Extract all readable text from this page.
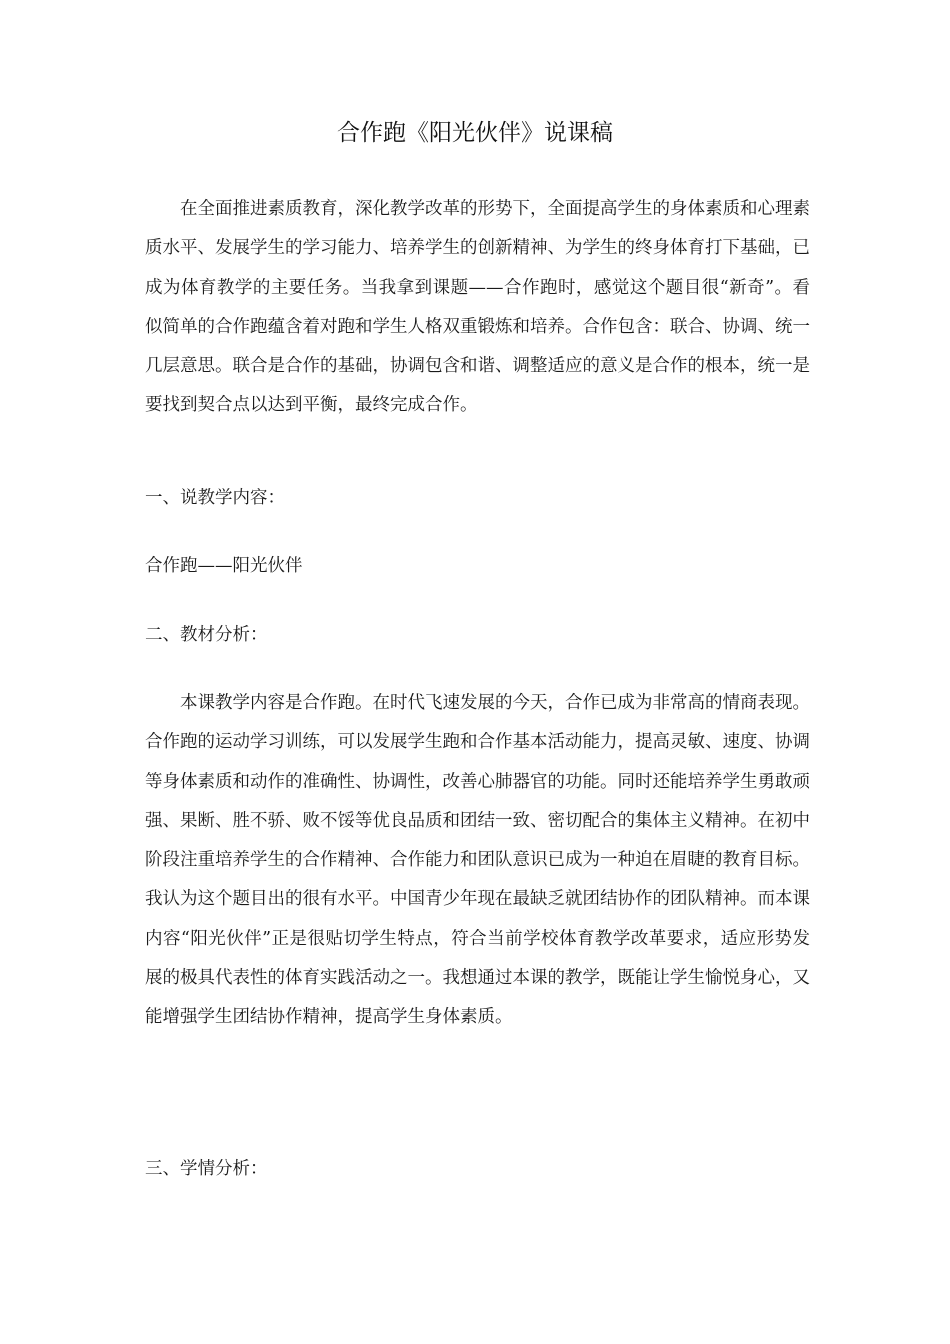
合作跑《阳光伙伴》说课稿

在全面推进素质教育，深化教学改革的形势下，全面提高学生的身体素质和心理素质水平、发展学生的学习能力、培养学生的创新精神、为学生的终身体育打下基础，已成为体育教学的主要任务。当我拿到课题——合作跑时，感觉这个题目很“新奇”。看似简单的合作跑蕴含着对跑和学生人格双重锻炼和培养。合作包含：联合、协调、统一几层意思。联合是合作的基础，协调包含和谐、调整适应的意义是合作的根本，统一是要找到契合点以达到平衡，最终完成合作。

一、说教学内容：

合作跑——阳光伙伴

二、教材分析：

本课教学内容是合作跑。在时代飞速发展的今天，合作已成为非常高的情商表现。合作跑的运动学习训练，可以发展学生跑和合作基本活动能力，提高灵敏、速度、协调等身体素质和动作的准确性、协调性，改善心肺器官的功能。同时还能培养学生勇敢顽强、果断、胜不骄、败不馁等优良品质和团结一致、密切配合的集体主义精神。在初中阶段注重培养学生的合作精神、合作能力和团队意识已成为一种迫在眉睫的教育目标。我认为这个题目出的很有水平。中国青少年现在最缺乏就团结协作的团队精神。而本课内容“阳光伙伴”正是很贴切学生特点，符合当前学校体育教学改革要求，适应形势发展的极具代表性的体育实践活动之一。我想通过本课的教学，既能让学生愉悦身心，又能增强学生团结协作精神，提高学生身体素质。

三、学情分析：
